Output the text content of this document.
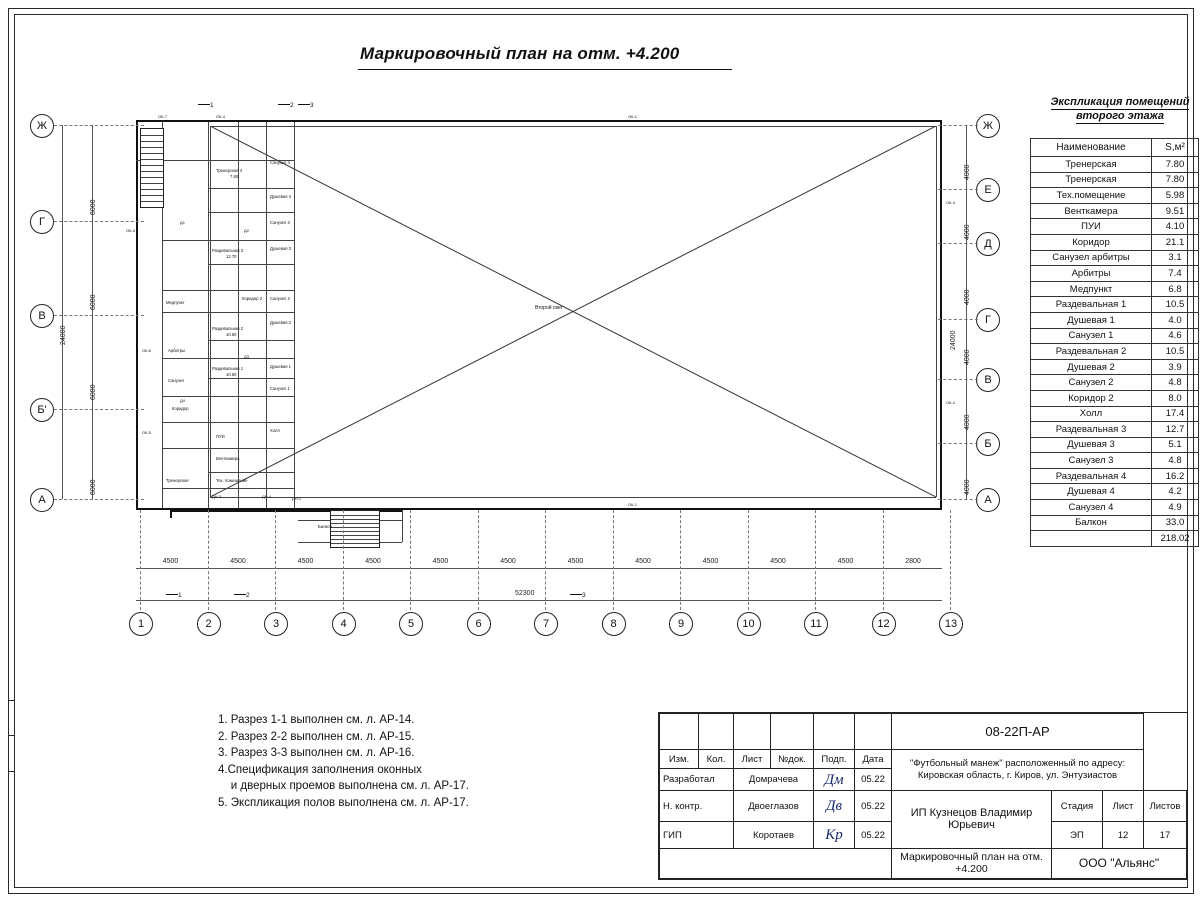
Маркировочный план на отм. +4.200
Экспликация помещений
второго этажа
Наименование	S,м²
Тренерская	7.80
Тренерская	7.80
Тех.помещение	5.98
Венткамера	9.51
ПУИ	4.10
Коридор	21.1
Санузел арбитры	3.1
Арбитры	7.4
Медпункт	6.8
Раздевальная 1	10.5
Душевая 1	4.0
Санузел 1	4.6
Раздевальная 2	10.5
Душевая 2	3.9
Санузел 2	4.8
Коридор 2	8.0
Холл	17.4
Раздевальная 3	12.7
Душевая 3	5.1
Санузел 3	4.8
Раздевальная 4	16.2
Душевая 4	4.2
Санузел 4	4.9
Балкон	33.0
	218.02
Второй свет
Тренерская 4
7.80
Душевая 4
Санузел 4
Раздевальная 3
12.70
Душевая 3
Санузел 3
Коридор 2
Раздевальная 2
10.50
Душевая 2
Санузел 2
Раздевальная 1
10.50
Душевая 1
Санузел 1
Медпункт
Арбитры
Санузел
Коридор
ПУИ
Венткамера
Тех. помещение
Тренерская
Холл
Балкон
ОК-7	ОК-4	ОК-1
ОК-1
ОК-3
ОК-2
ОК-4
ОК-6
ОК-5
ДН-3	ДН-4	ДН-1
Д1
Д2
Д3
Д4
1	2	3
1	2	3
Ж
Г
В
Б'
А
Ж
Е
Д
Г
В
Б
А
6000
6000
6000
6000
24000
4000
4000
4000
4000
4000
4000
24000
4500	4500	4500	4500	4500	4500	4500	4500	4500	4500	4500	2800
52300
1	2	3	4	5	6	7	8	9	10	11	12	13
1. Разрез 1-1 выполнен см. л. АР-14.
2. Разрез 2-2 выполнен см. л. АР-15.
3. Разрез 3-3 выполнен см. л. АР-16.
4.Спецификация заполнения оконных
и дверных проемов выполнена см. л. АР-17.
5. Экспликация полов выполнена см. л. АР-17.
						08-22П-АР			

Изм.	Кол.	Лист	№док.	Подп.	Дата	"Футбольный манеж" расположенный по адресу:
Кировская область, г. Киров, ул. Энтузиастов			
Разработал		Домрачева		Дм	05.22				
Н. контр.		Двоеглазов		Дв	05.22	ИП Кузнецов Владимир Юрьевич	Стадия	Лист	Листов
ГИП		Коротаев		Кр	05.22		ЭП	12	17
						Маркировочный план на отм. +4.200	ООО "Альянс"		
